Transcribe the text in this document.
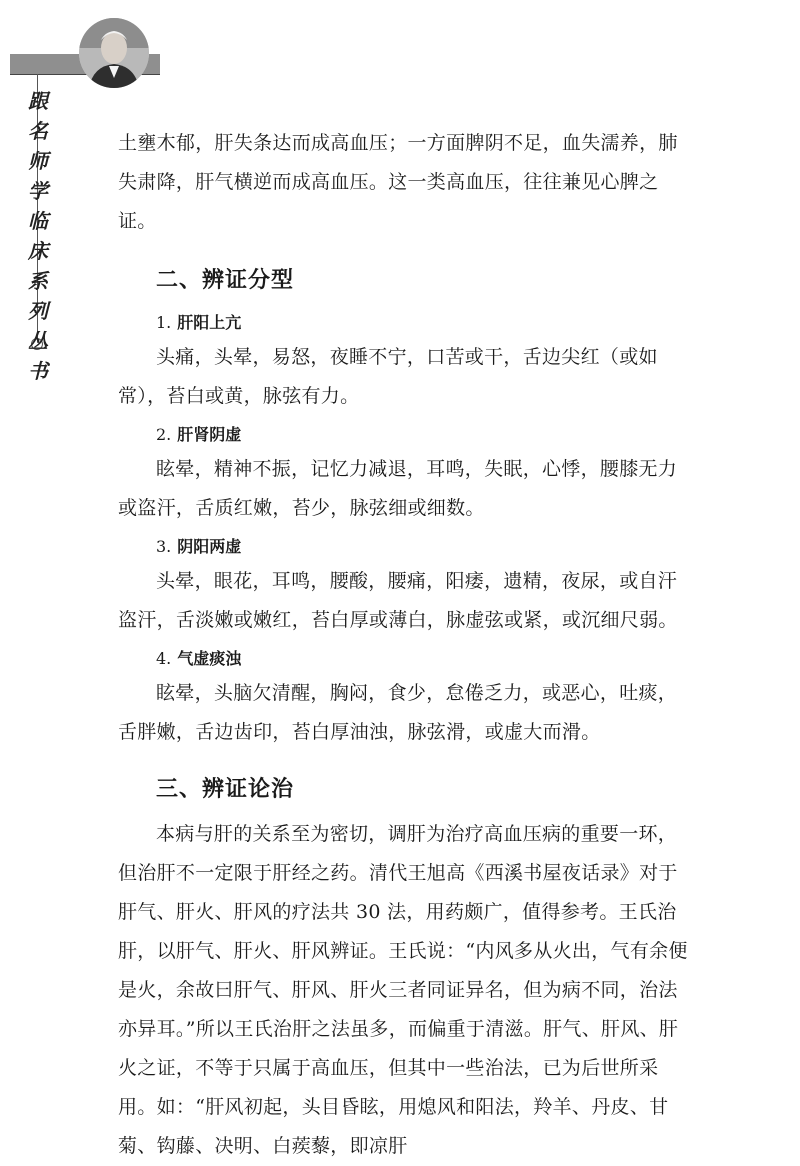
跟
名
师
学
临
床
系
列
丛
书

土壅木郁，肝失条达而成高血压；一方面脾阴不足，血失濡养，肺失肃降，肝气横逆而成高血压。这一类高血压，往往兼见心脾之证。

二、辨证分型
1. 肝阳上亢

头痛，头晕，易怒，夜睡不宁，口苦或干，舌边尖红（或如常），苔白或黄，脉弦有力。

2. 肝肾阴虚

眩晕，精神不振，记忆力减退，耳鸣，失眠，心悸，腰膝无力或盗汗，舌质红嫩，苔少，脉弦细或细数。

3. 阴阳两虚

头晕，眼花，耳鸣，腰酸，腰痛，阳痿，遗精，夜尿，或自汗盗汗，舌淡嫩或嫩红，苔白厚或薄白，脉虚弦或紧，或沉细尺弱。

4. 气虚痰浊

眩晕，头脑欠清醒，胸闷，食少，怠倦乏力，或恶心，吐痰，舌胖嫩，舌边齿印，苔白厚油浊，脉弦滑，或虚大而滑。

三、辨证论治

本病与肝的关系至为密切，调肝为治疗高血压病的重要一环，但治肝不一定限于肝经之药。清代王旭高《西溪书屋夜话录》对于肝气、肝火、肝风的疗法共 30 法，用药颇广，值得参考。王氏治肝，以肝气、肝火、肝风辨证。王氏说：“内风多从火出，气有余便是火，余故曰肝气、肝风、肝火三者同证异名，但为病不同，治法亦异耳。”所以王氏治肝之法虽多，而偏重于清滋。肝气、肝风、肝火之证，不等于只属于高血压，但其中一些治法，已为后世所采用。如：“肝风初起，头目昏眩，用熄风和阳法，羚羊、丹皮、甘菊、钩藤、决明、白蒺藜，即凉肝
